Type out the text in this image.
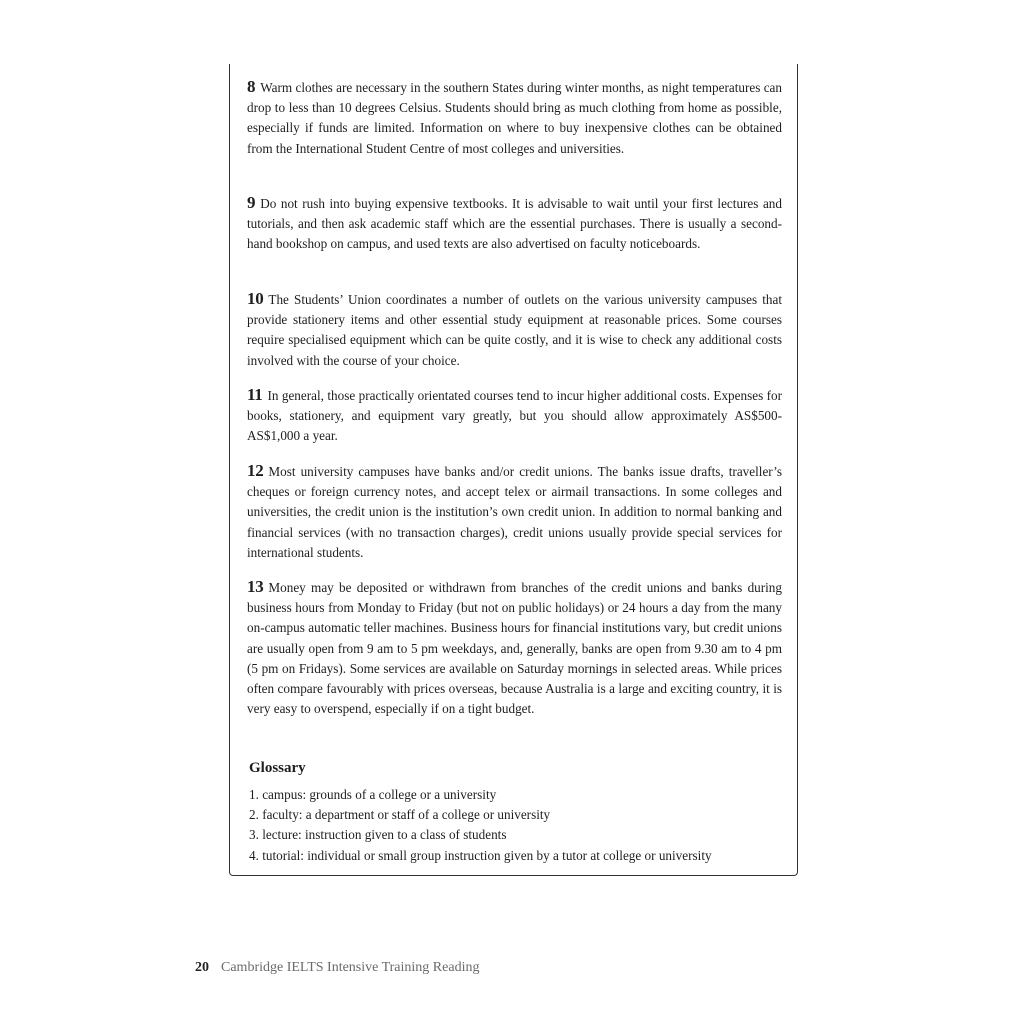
8 Warm clothes are necessary in the southern States during winter months, as night temperatures can drop to less than 10 degrees Celsius. Students should bring as much clothing from home as possible, especially if funds are limited. Information on where to buy inexpensive clothes can be obtained from the International Student Centre of most colleges and universities.

9 Do not rush into buying expensive textbooks. It is advisable to wait until your first lectures and tutorials, and then ask academic staff which are the essential purchases. There is usually a second-hand bookshop on campus, and used texts are also advertised on faculty noticeboards.

10 The Students’ Union coordinates a number of outlets on the various university campuses that provide stationery items and other essential study equipment at reasonable prices. Some courses require specialised equipment which can be quite costly, and it is wise to check any additional costs involved with the course of your choice.

11 In general, those practically orientated courses tend to incur higher additional costs. Expenses for books, stationery, and equipment vary greatly, but you should allow approximately AS$500-AS$1,000 a year.

12 Most university campuses have banks and/or credit unions. The banks issue drafts, traveller’s cheques or foreign currency notes, and accept telex or airmail transactions. In some colleges and universities, the credit union is the institution’s own credit union. In addition to normal banking and financial services (with no transaction charges), credit unions usually provide special services for international students.

13 Money may be deposited or withdrawn from branches of the credit unions and banks during business hours from Monday to Friday (but not on public holidays) or 24 hours a day from the many on-campus automatic teller machines. Business hours for financial institutions vary, but credit unions are usually open from 9 am to 5 pm weekdays, and, generally, banks are open from 9.30 am to 4 pm (5 pm on Fridays). Some services are available on Saturday mornings in selected areas. While prices often compare favourably with prices overseas, because Australia is a large and exciting country, it is very easy to overspend, especially if on a tight budget.

Glossary
1. campus: grounds of a college or a university
2. faculty: a department or staff of a college or university
3. lecture: instruction given to a class of students
4. tutorial: individual or small group instruction given by a tutor at college or university
20 Cambridge IELTS Intensive Training Reading
